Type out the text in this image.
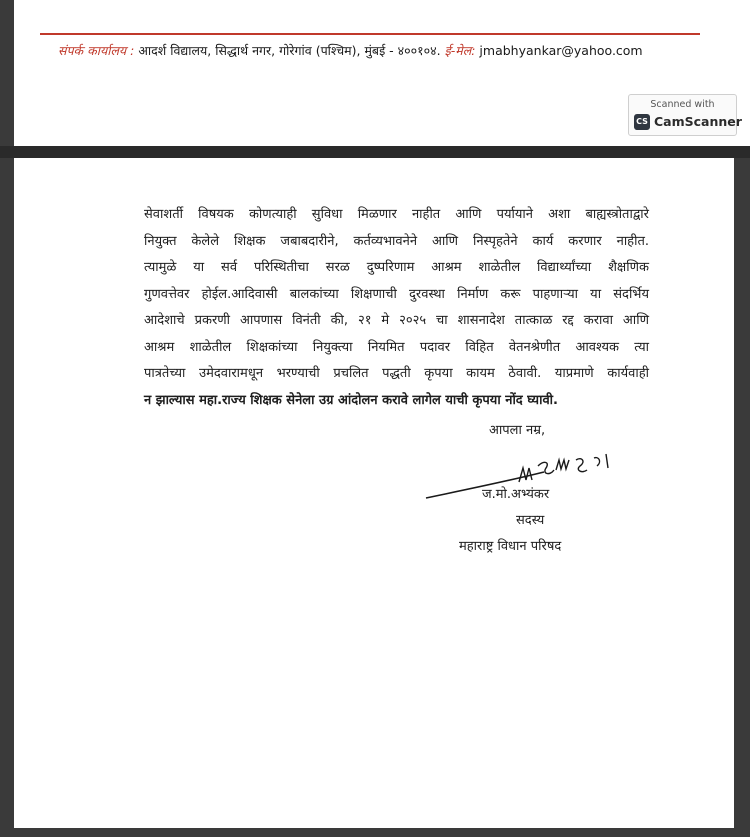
संपर्क कार्यालय : आदर्श विद्यालय, सिद्धार्थ नगर, गोरेगांव (पश्चिम), मुंबई - ४००१०४. ई-मेल: jmabhyankar@yahoo.com
Scanned with
CS CamScanner
सेवाशर्ती विषयक कोणत्याही सुविधा मिळणार नाहीत आणि पर्यायाने अशा बाह्यस्त्रोताद्वारे
नियुक्त केलेले शिक्षक जबाबदारीने, कर्तव्यभावनेने आणि निस्पृहतेने कार्य करणार नाहीत.
त्यामुळे या सर्व परिस्थितीचा सरळ दुष्परिणाम आश्रम शाळेतील विद्यार्थ्यांच्या शैक्षणिक
गुणवत्तेवर होईल.आदिवासी बालकांच्या शिक्षणाची दुरवस्था निर्माण करू पाहणाऱ्या या संदर्भिय
आदेशाचे प्रकरणी आपणास विनंती की, २१ मे २०२५ चा शासनादेश तात्काळ रद्द करावा आणि
आश्रम शाळेतील शिक्षकांच्या नियुक्त्या नियमित पदावर विहित वेतनश्रेणीत आवश्यक त्या
पात्रतेच्या उमेदवारामधून भरण्याची प्रचलित पद्धती कृपया कायम ठेवावी. याप्रमाणे कार्यवाही
न झाल्यास महा.राज्य शिक्षक सेनेला उग्र आंदोलन करावे लागेल याची कृपया नोंद घ्यावी.
आपला नम्र,
ज.मो.अभ्यंकर
सदस्य
महाराष्ट्र विधान परिषद
